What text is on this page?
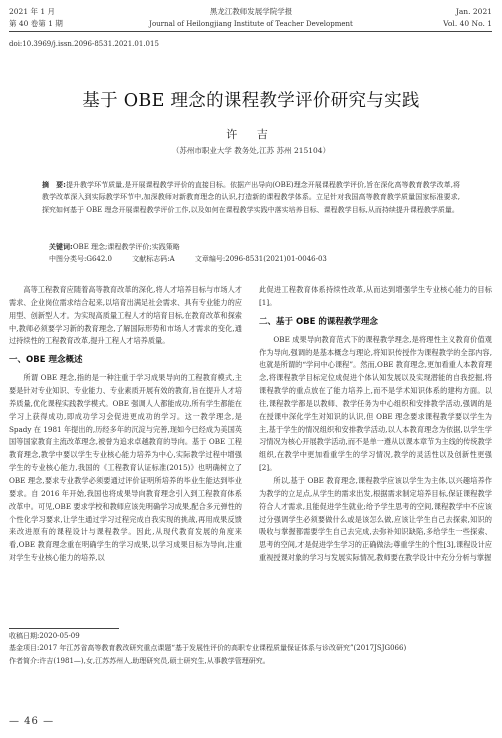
2021 年 1 月
第 40 卷第 1 期
黑龙江教师发展学院学报
Journal of Heilongjiang Institute of Teacher Development
Jan. 2021
Vol. 40 No. 1
doi:10.3969/j.issn.2096-8531.2021.01.015
基于 OBE 理念的课程教学评价研究与实践
许 吉
（苏州市职业大学 教务处,江苏 苏州 215104）
摘　要:提升教学环节质量,是开展课程教学评价的直接目标。依据产出导向(OBE)理念开展课程教学评价,旨在深化高等教育教学改革,将教学改革深入到实际教学环节中,加深教师对新教育理念的认识,打造新的课程教学体系。立足针对我国高等教育教学质量国家标准要求,探究如何基于 OBE 理念开展课程教学评价工作,以及如何在课程教学实践中落实培养目标、课程教学目标,从而持续提升课程教学质量。
关键词:OBE 理念;课程教学评价;实践策略
中图分类号:G642.0	文献标志码:A	文章编号:2096-8531(2021)01-0046-03

高等工程教育应随着高等教育改革的深化,将人才培养目标与市场人才需求、企业岗位需求结合起来,以培育出满足社会需求、具有专业能力的应用型、创新型人才。为实现高质量工程人才的培育目标,在教育改革和探索中,教师必须要学习新的教育理念,了解国际形势和市场人才需求的变化,通过持续性的工程教育改革,提升工程人才培养质量。

一、OBE 理念概述

所谓 OBE 理念,指的是一种注重于学习成果导向的工程教育模式,主要是针对专业知识、专业能力、专业素质开展有效的教育,旨在提升人才培养质量,优化课程实践教学模式。OBE 强调人人都能成功,所有学生都能在学习上获得成功,即成功学习会促进更成功的学习。这一教学理念,是 Spady 在 1981 年提出的,历经多年的沉淀与完善,现如今已经成为美国英国等国家教育主流改革理念,被誉为追求卓越教育的导向。基于 OBE 工程教育理念,教学中要以学生专业核心能力培养为中心,实际教学过程中增强学生的专业核心能力,我国的《工程教育认证标准(2015)》也明确树立了 OBE 理念,要求专业教学必须要通过评价证明所培养的毕业生能达到毕业要求。自 2016 年开始,我国也将成果导向教育理念引入到工程教育体系改革中。可见,OBE 要求学校和教师应该先明确学习成果,配合多元弹性的个性化学习要求,让学生通过学习过程完成自我实现的挑战,再用成果反馈来改进原有的课程设计与课程教学。因此,从现代教育发展的角度来看,OBE 教育理念重在明确学生的学习成果,以学习成果目标为导向,注重对学生专业核心能力的培养,以

此促进工程教育体系持续性改革,从而达到增强学生专业核心能力的目标[1]。

二、基于 OBE 的课程教学理念

OBE 成果导向教育范式下的课程教学理念,是将理性主义教育价值观作为导向,强调的是基本概念与理论,将知识传授作为课程教学的全部内容,也就是所谓的“学问中心课程”。然而,OBE 教育理念,更加看重人本教育理念,将课程教学目标定位成促进个体认知发展以及实现潜能的自我挖掘,将课程教学的重点放在了能力培养上,而不是学术知识体系的建构方面。以往,课程教学都是以教师、教学任务为中心组织和安排教学活动,强调的是在授课中深化学生对知识的认识,但 OBE 理念要求课程教学要以学生为主,基于学生的情况组织和安排教学活动,以人本教育理念为依据,以学生学习情况为核心开展教学活动,而不是单一遵从以课本章节为主线的传统教学组织,在教学中更加看重学生的学习情况,教学的灵活性以及创新性更强[2]。

所以,基于 OBE 教育理念,课程教学应该以学生为主体,以兴趣培养作为教学的立足点,从学生的需求出发,根据需求制定培养目标,保证课程教学符合人才需求,且能促进学生就业;给予学生思考的空间,课程教学中不应该过分强调学生必须要做什么或是该怎么做,应该让学生自己去探索,知识的吸收与掌握都需要学生自己去完成,去弥补知识缺陷,多给学生一些探索、思考的空间,才是促进学生学习的正确做法;尊重学生的个性[3],课程设计应重视授课对象的学习与发展实际情况,教师要在教学设计中充分分析与掌握

收稿日期:2020-05-09

基金项目:2017 年江苏省高等教育教改研究重点课题“基于发展性评价的高职专业课程质量保证体系与诊改研究”(2017JSJG066)

作者简介:许吉(1981—),女,江苏苏州人,助理研究员,硕士研究生,从事教学管理研究。

— 46 —
